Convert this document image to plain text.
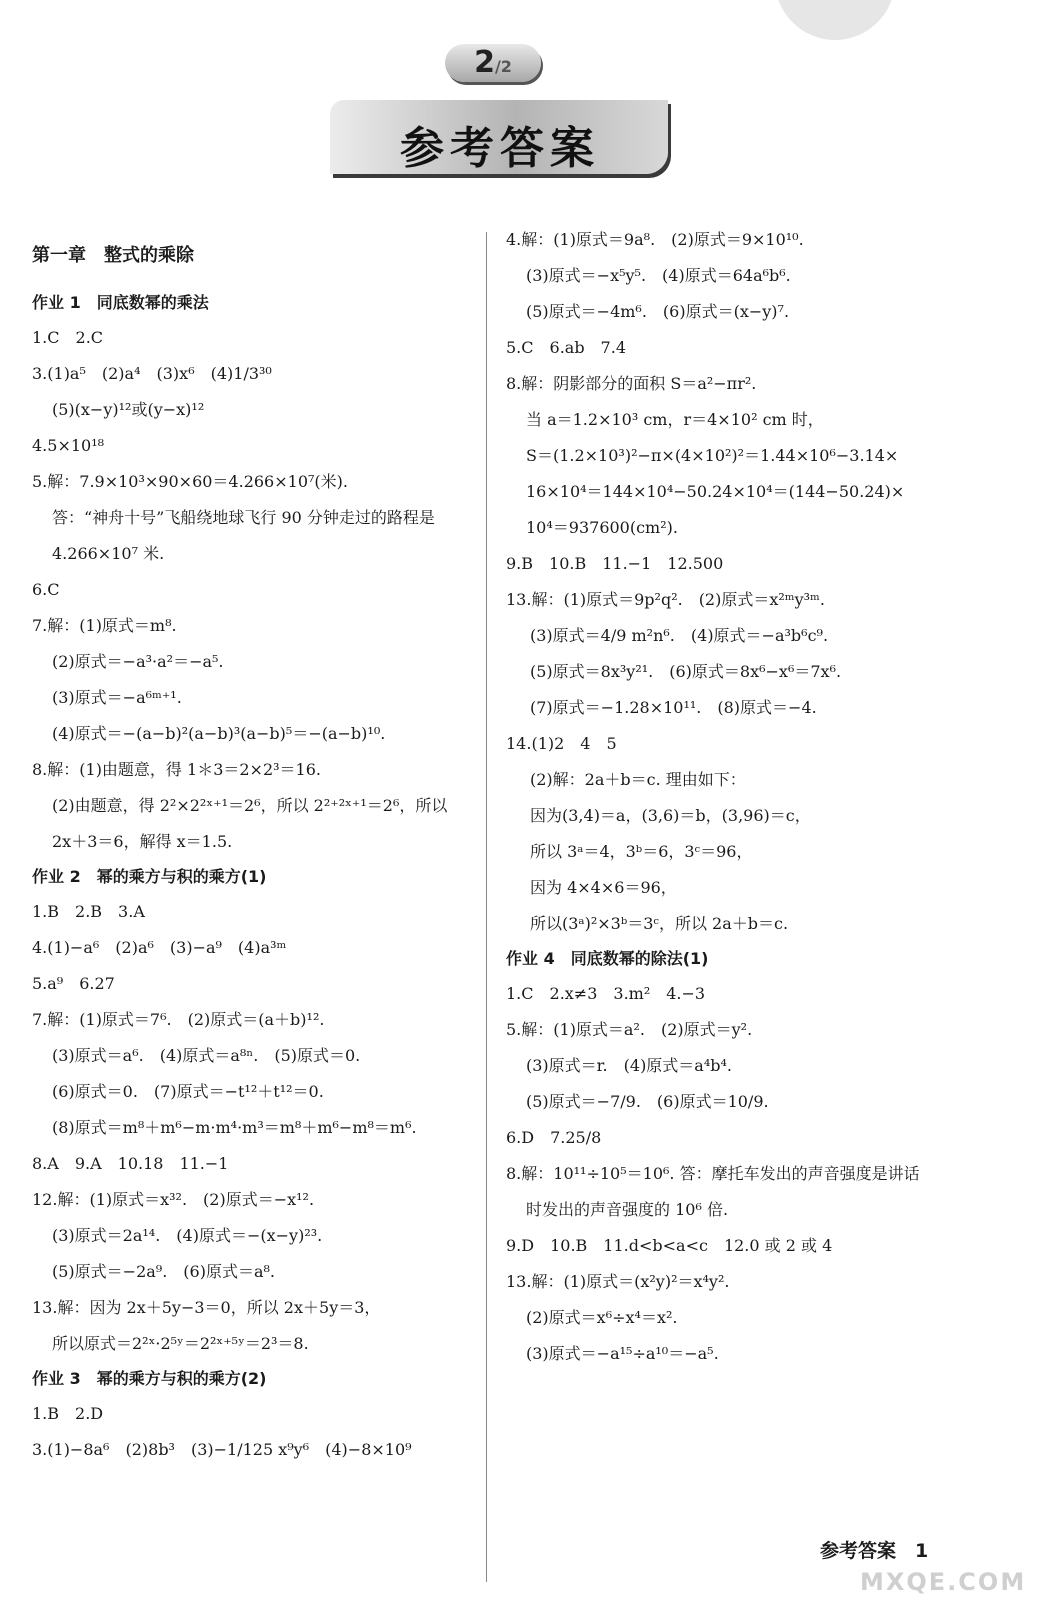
2/2
参考答案
第一章　整式的乘除
作业 1　同底数幂的乘法
1.C　2.C
3.(1)a⁵　(2)a⁴　(3)x⁶　(4)1/3³⁰
(5)(x−y)¹²或(y−x)¹²
4.5×10¹⁸
5.解：7.9×10³×90×60＝4.266×10⁷(米).
答：“神舟十号”飞船绕地球飞行 90 分钟走过的路程是
4.266×10⁷ 米.
6.C
7.解：(1)原式＝m⁸.
(2)原式＝−a³·a²＝−a⁵.
(3)原式＝−a⁶ᵐ⁺¹.
(4)原式＝−(a−b)²(a−b)³(a−b)⁵＝−(a−b)¹⁰.
8.解：(1)由题意，得 1＊3＝2×2³＝16.
(2)由题意，得 2²×2²ˣ⁺¹＝2⁶，所以 2²⁺²ˣ⁺¹＝2⁶，所以
2x＋3＝6，解得 x＝1.5.
作业 2　幂的乘方与积的乘方(1)
1.B　2.B　3.A
4.(1)−a⁶　(2)a⁶　(3)−a⁹　(4)a³ᵐ
5.a⁹　6.27
7.解：(1)原式＝7⁶.　(2)原式＝(a＋b)¹².
(3)原式＝a⁶.　(4)原式＝a⁸ⁿ.　(5)原式＝0.
(6)原式＝0.　(7)原式＝−t¹²＋t¹²＝0.
(8)原式＝m⁸＋m⁶−m·m⁴·m³＝m⁸＋m⁶−m⁸＝m⁶.
8.A　9.A　10.18　11.−1
12.解：(1)原式＝x³².　(2)原式＝−x¹².
(3)原式＝2a¹⁴.　(4)原式＝−(x−y)²³.
(5)原式＝−2a⁹.　(6)原式＝a⁸.
13.解：因为 2x＋5y−3＝0，所以 2x＋5y＝3，
所以原式＝2²ˣ·2⁵ʸ＝2²ˣ⁺⁵ʸ＝2³＝8.
作业 3　幂的乘方与积的乘方(2)
1.B　2.D
3.(1)−8a⁶　(2)8b³　(3)−1/125 x⁹y⁶　(4)−8×10⁹
4.解：(1)原式＝9a⁸.　(2)原式＝9×10¹⁰.
(3)原式＝−x⁵y⁵.　(4)原式＝64a⁶b⁶.
(5)原式＝−4m⁶.　(6)原式＝(x−y)⁷.
5.C　6.ab　7.4
8.解：阴影部分的面积 S＝a²−πr².
当 a＝1.2×10³ cm，r＝4×10² cm 时，
S＝(1.2×10³)²−π×(4×10²)²＝1.44×10⁶−3.14×
16×10⁴＝144×10⁴−50.24×10⁴＝(144−50.24)×
10⁴＝937600(cm²).
9.B　10.B　11.−1　12.500
13.解：(1)原式＝9p²q².　(2)原式＝x²ᵐy³ᵐ.
(3)原式＝4/9 m²n⁶.　(4)原式＝−a³b⁶c⁹.
(5)原式＝8x³y²¹.　(6)原式＝8x⁶−x⁶＝7x⁶.
(7)原式＝−1.28×10¹¹.　(8)原式＝−4.
14.(1)2　4　5
(2)解：2a＋b＝c. 理由如下：
因为(3,4)＝a，(3,6)＝b，(3,96)＝c，
所以 3ᵃ＝4，3ᵇ＝6，3ᶜ＝96，
因为 4×4×6＝96，
所以(3ᵃ)²×3ᵇ＝3ᶜ，所以 2a＋b＝c.
作业 4　同底数幂的除法(1)
1.C　2.x≠3　3.m²　4.−3
5.解：(1)原式＝a².　(2)原式＝y².
(3)原式＝r.　(4)原式＝a⁴b⁴.
(5)原式＝−7/9.　(6)原式＝10/9.
6.D　7.25/8
8.解：10¹¹÷10⁵＝10⁶. 答：摩托车发出的声音强度是讲话
时发出的声音强度的 10⁶ 倍.
9.D　10.B　11.d<b<a<c　12.0 或 2 或 4
13.解：(1)原式＝(x²y)²＝x⁴y².
(2)原式＝x⁶÷x⁴＝x².
(3)原式＝−a¹⁵÷a¹⁰＝−a⁵.
参考答案　1
MXQE.COM
